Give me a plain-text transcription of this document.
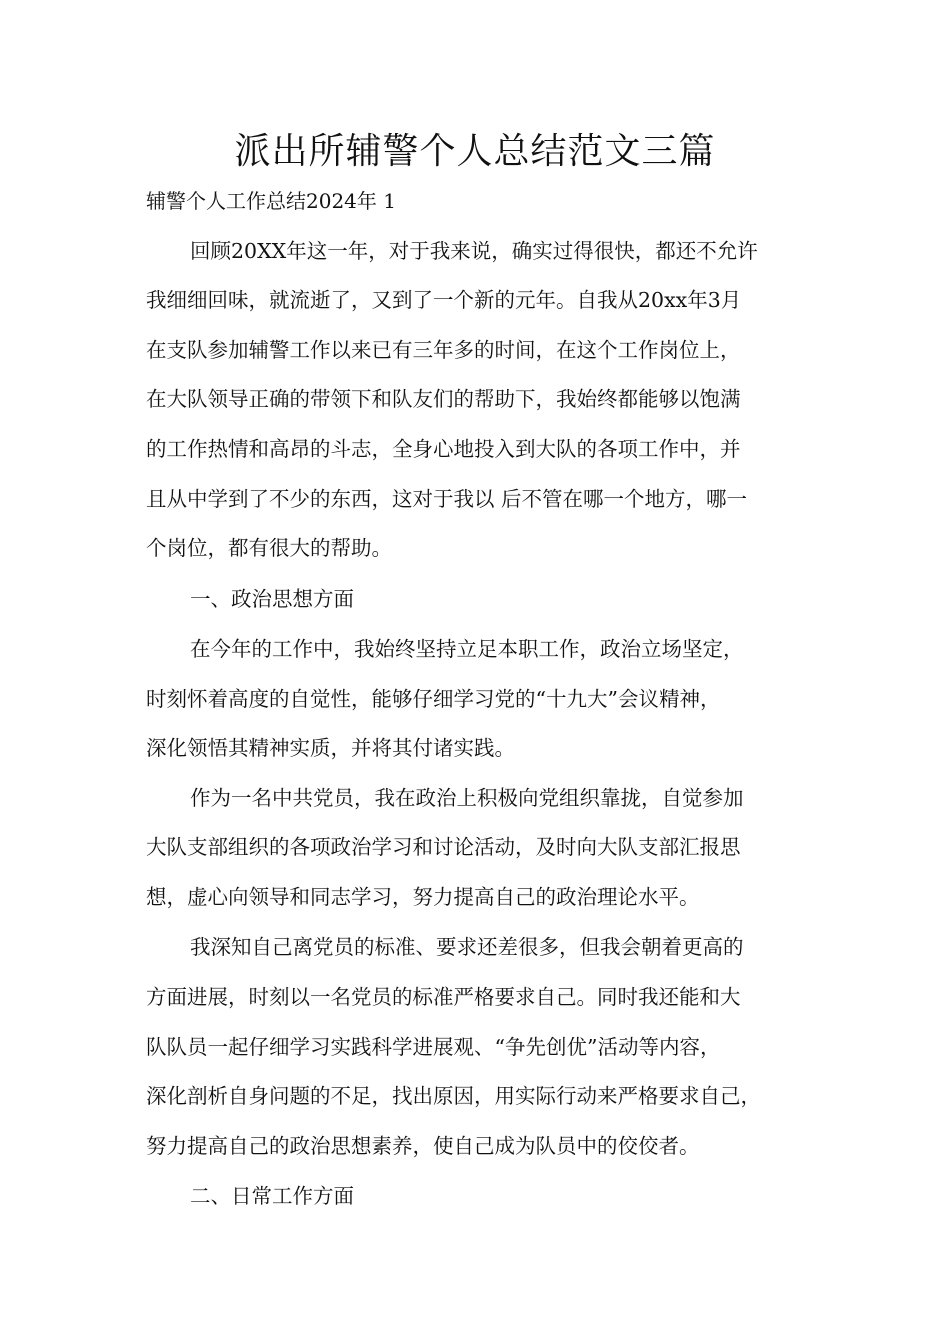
派出所辅警个人总结范文三篇
辅警个人工作总结2024年 1
回顾20XX年这一年，对于我来说，确实过得很快，都还不允许
我细细回味，就流逝了，又到了一个新的元年。自我从20xx年3月
在支队参加辅警工作以来已有三年多的时间，在这个工作岗位上，
在大队领导正确的带领下和队友们的帮助下，我始终都能够以饱满
的工作热情和高昂的斗志，全身心地投入到大队的各项工作中，并
且从中学到了不少的东西，这对于我以 后不管在哪一个地方，哪一
个岗位，都有很大的帮助。
一、政治思想方面
在今年的工作中，我始终坚持立足本职工作，政治立场坚定，
时刻怀着高度的自觉性，能够仔细学习党的“十九大”会议精神，
深化领悟其精神实质，并将其付诸实践。
作为一名中共党员，我在政治上积极向党组织靠拢，自觉参加
大队支部组织的各项政治学习和讨论活动，及时向大队支部汇报思
想，虚心向领导和同志学习，努力提高自己的政治理论水平。
我深知自己离党员的标准、要求还差很多，但我会朝着更高的
方面进展，时刻以一名党员的标准严格要求自己。同时我还能和大
队队员一起仔细学习实践科学进展观、“争先创优”活动等内容，
深化剖析自身问题的不足，找出原因，用实际行动来严格要求自己，
努力提高自己的政治思想素养，使自己成为队员中的佼佼者。
二、日常工作方面
